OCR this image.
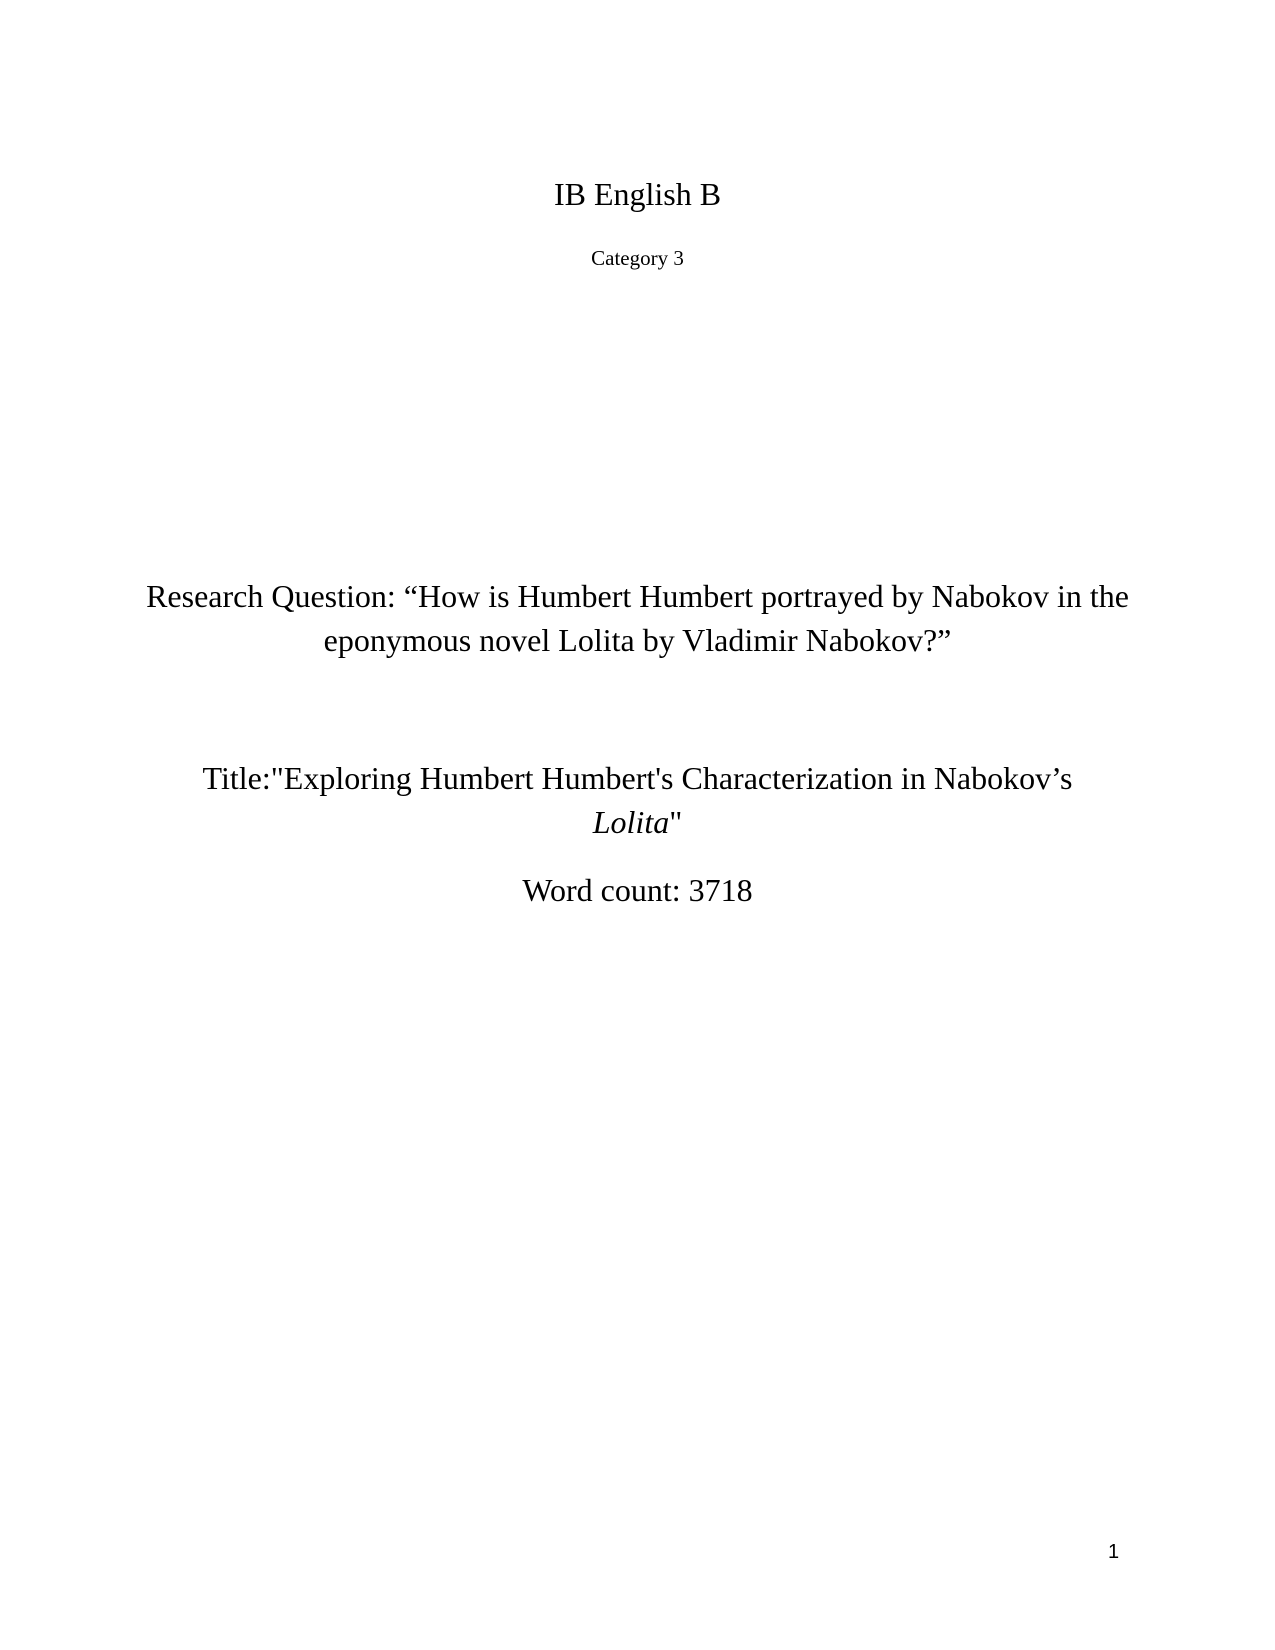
IB English B

Category 3

Research Question: “How is Humbert Humbert portrayed by Nabokov in the eponymous novel Lolita by Vladimir Nabokov?”

Title:"Exploring Humbert Humbert's Characterization in Nabokov’s Lolita"

Word count: 3718

1
